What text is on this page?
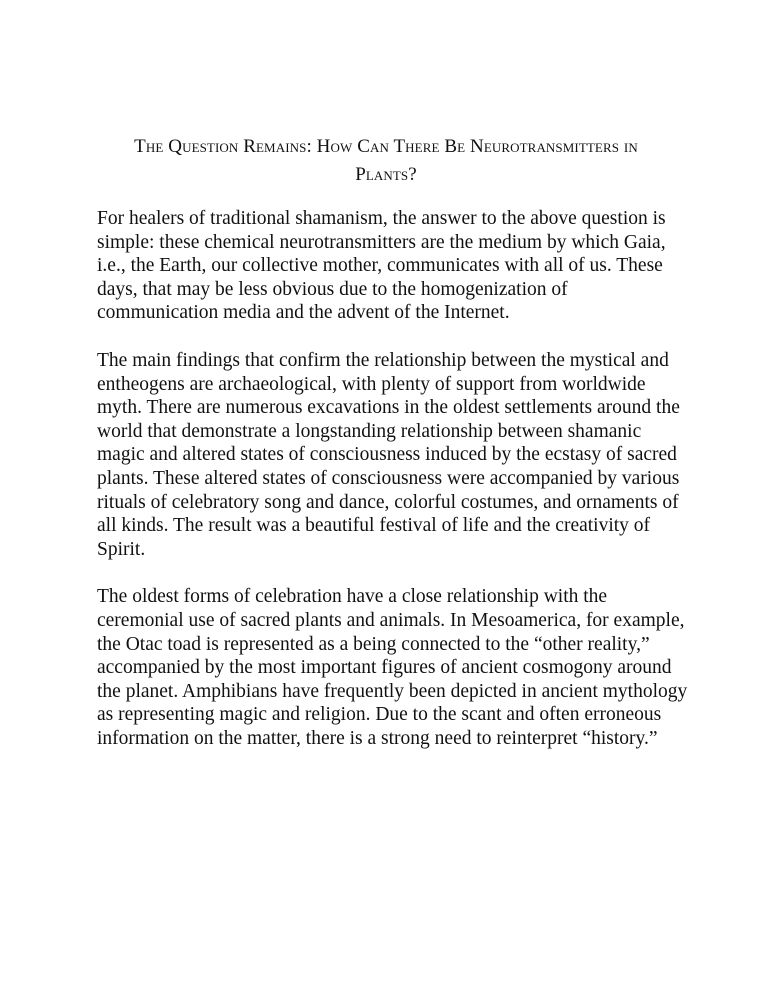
The Question Remains: How Can There Be Neurotransmitters in
Plants?

For healers of traditional shamanism, the answer to the above question is
simple: these chemical neurotransmitters are the medium by which Gaia,
i.e., the Earth, our collective mother, communicates with all of us. These
days, that may be less obvious due to the homogenization of
communication media and the advent of the Internet.

The main findings that confirm the relationship between the mystical and
entheogens are archaeological, with plenty of support from worldwide
myth. There are numerous excavations in the oldest settlements around the
world that demonstrate a longstanding relationship between shamanic
magic and altered states of consciousness induced by the ecstasy of sacred
plants. These altered states of consciousness were accompanied by various
rituals of celebratory song and dance, colorful costumes, and ornaments of
all kinds. The result was a beautiful festival of life and the creativity of
Spirit.

The oldest forms of celebration have a close relationship with the
ceremonial use of sacred plants and animals. In Mesoamerica, for example,
the Otac toad is represented as a being connected to the “other reality,”
accompanied by the most important figures of ancient cosmogony around
the planet. Amphibians have frequently been depicted in ancient mythology
as representing magic and religion. Due to the scant and often erroneous
information on the matter, there is a strong need to reinterpret “history.”
